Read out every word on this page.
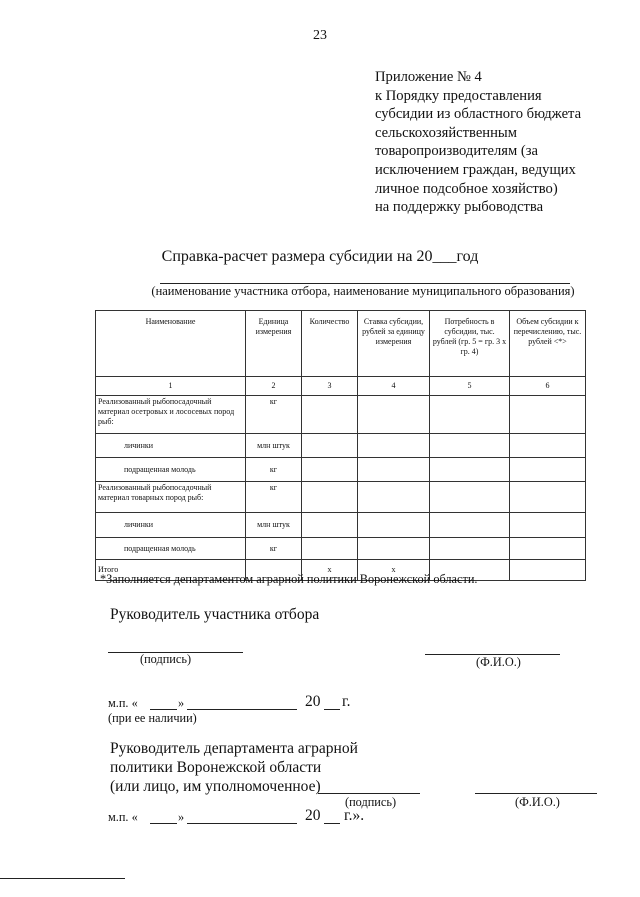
23
Приложение № 4
к Порядку предоставления
субсидии из областного бюджета
сельскохозяйственным
товаропроизводителям (за
исключением граждан, ведущих
личное подсобное хозяйство)
на поддержку рыбоводства
Справка-расчет размера субсидии на 20___год
(наименование участника отбора, наименование муниципального образования)
Наименование	Единица измерения	Количество	Ставка субсидии, рублей за единицу измерения	Потребность в субсидии, тыс. рублей (гр. 5 = гр. 3 х гр. 4)	Объем субсидии к перечислению, тыс. рублей <*>
1	2	3	4	5	6
Реализованный рыбопосадочный материал осетровых и лососевых пород рыб:	кг				
личинки	млн штук				
подращенная молодь	кг				
Реализованный рыбопосадочный материал товарных пород рыб:	кг				
личинки	млн штук				
подращенная молодь	кг				
Итого		х	х		
*Заполняется департаментом аграрной политики Воронежской области.
Руководитель участника отбора
(подпись)	(Ф.И.О.)
м.п. «	»	20 г.
(при ее наличии)
Руководитель департамента аграрной
политики Воронежской области
(или лицо, им уполномоченное)
(подпись)	(Ф.И.О.)
м.п. «	»	20 г.».
